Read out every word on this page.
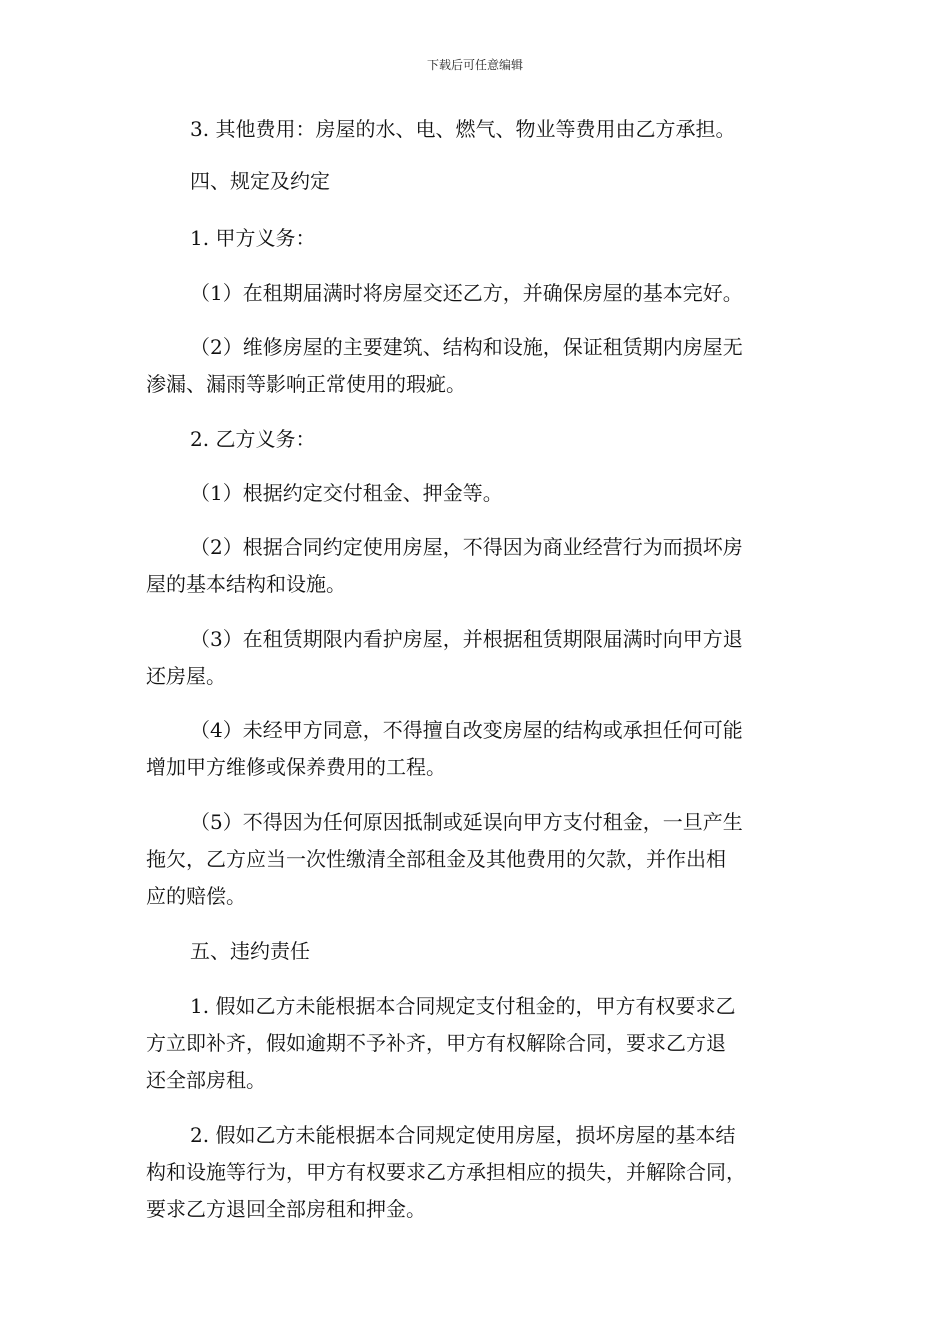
下载后可任意编辑
3. 其他费用：房屋的水、电、燃气、物业等费用由乙方承担。
四、规定及约定
1. 甲方义务：
（1）在租期届满时将房屋交还乙方，并确保房屋的基本完好。
（2）维修房屋的主要建筑、结构和设施，保证租赁期内房屋无
渗漏、漏雨等影响正常使用的瑕疵。
2. 乙方义务：
（1）根据约定交付租金、押金等。
（2）根据合同约定使用房屋，不得因为商业经营行为而损坏房
屋的基本结构和设施。
（3）在租赁期限内看护房屋，并根据租赁期限届满时向甲方退
还房屋。
（4）未经甲方同意，不得擅自改变房屋的结构或承担任何可能
增加甲方维修或保养费用的工程。
（5）不得因为任何原因抵制或延误向甲方支付租金，一旦产生
拖欠，乙方应当一次性缴清全部租金及其他费用的欠款，并作出相
应的赔偿。
五、违约责任
1. 假如乙方未能根据本合同规定支付租金的，甲方有权要求乙
方立即补齐，假如逾期不予补齐，甲方有权解除合同，要求乙方退
还全部房租。
2. 假如乙方未能根据本合同规定使用房屋，损坏房屋的基本结
构和设施等行为，甲方有权要求乙方承担相应的损失，并解除合同，
要求乙方退回全部房租和押金。
